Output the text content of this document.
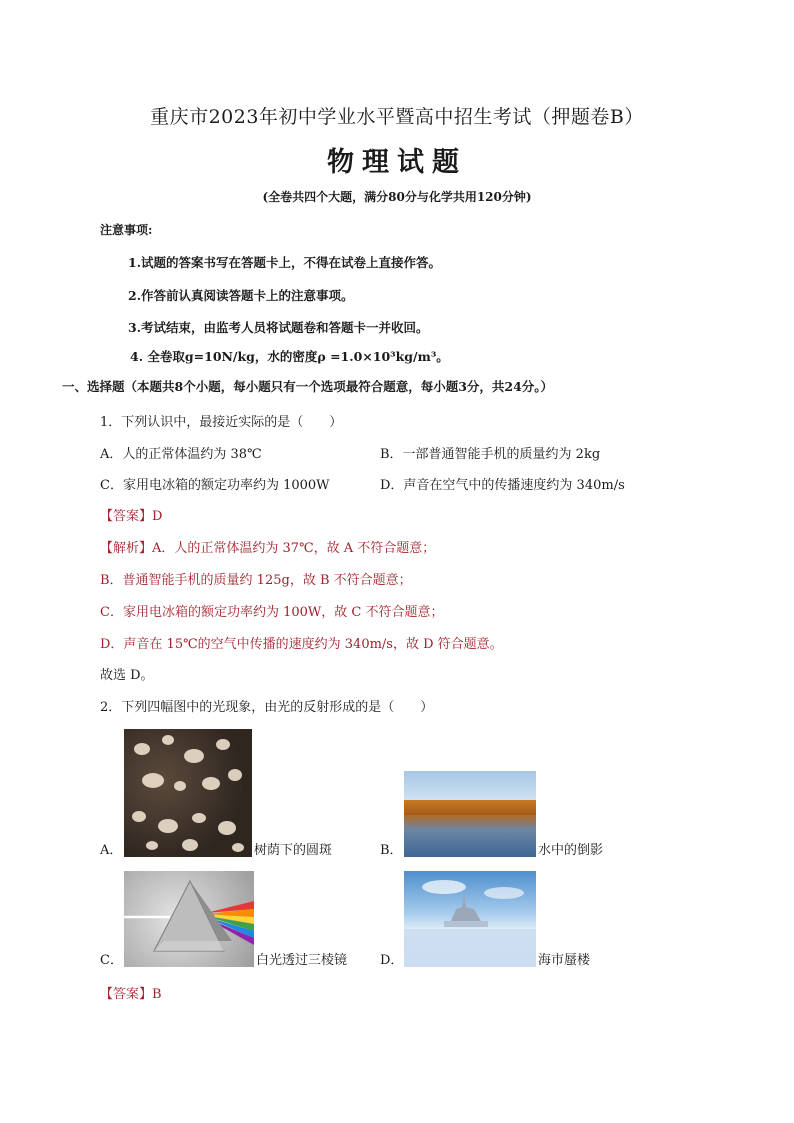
重庆市2023年初中学业水平暨高中招生考试（押题卷B）
物理试题
(全卷共四个大题，满分80分与化学共用120分钟)
注意事项:
1.试题的答案书写在答题卡上，不得在试卷上直接作答。
2.作答前认真阅读答题卡上的注意事项。
3.考试结束，由监考人员将试题卷和答题卡一并收回。
4. 全卷取g=10N/kg，水的密度ρ =1.0×10³kg/m³。
一、选择题（本题共8个小题，每小题只有一个选项最符合题意，每小题3分，共24分。）
1．下列认识中，最接近实际的是（　　）
A．人的正常体温约为 38℃	B．一部普通智能手机的质量约为 2kg
C．家用电冰箱的额定功率约为 1000W	D．声音在空气中的传播速度约为 340m/s
【答案】D
【解析】A．人的正常体温约为 37℃，故 A 不符合题意；
B．普通智能手机的质量约 125g，故 B 不符合题意；
C．家用电冰箱的额定功率约为 100W，故 C 不符合题意；
D．声音在 15℃的空气中传播的速度约为 340m/s，故 D 符合题意。
故选 D。
2．下列四幅图中的光现象，由光的反射形成的是（　　）
A．	树荫下的圆斑	B．	水中的倒影
C．	白光透过三棱镜	D．	海市蜃楼
【答案】B
